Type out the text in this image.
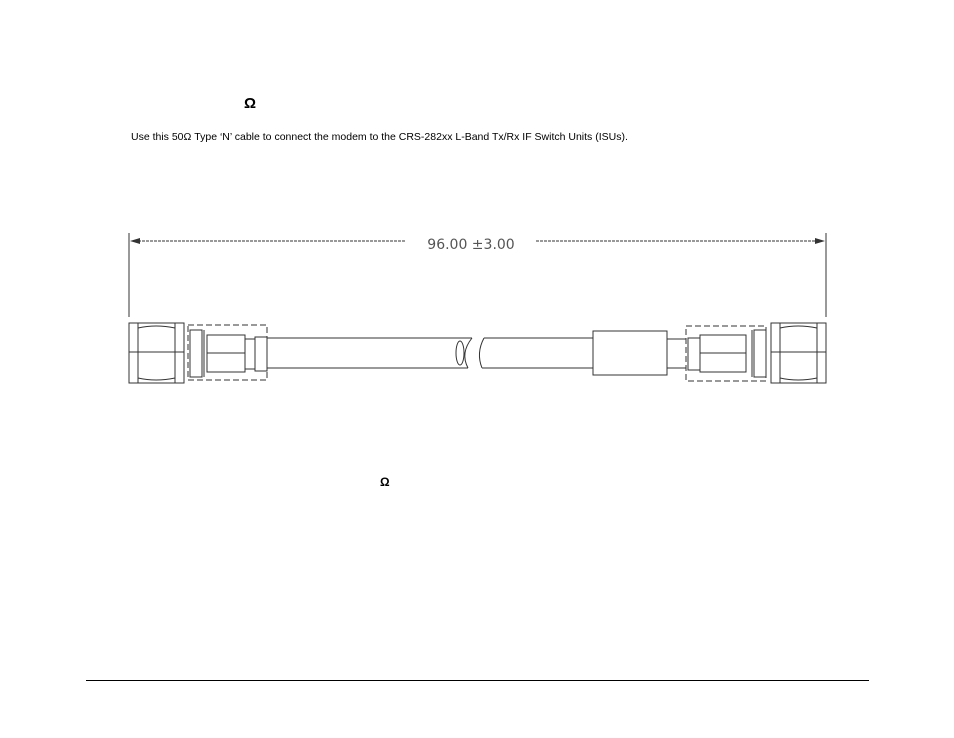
Ω

Use this 50Ω Type ‘N’ cable to connect the modem to the CRS-282xx L-Band Tx/Rx IF Switch Units (ISUs).

96.00 ±3.00
Ω
